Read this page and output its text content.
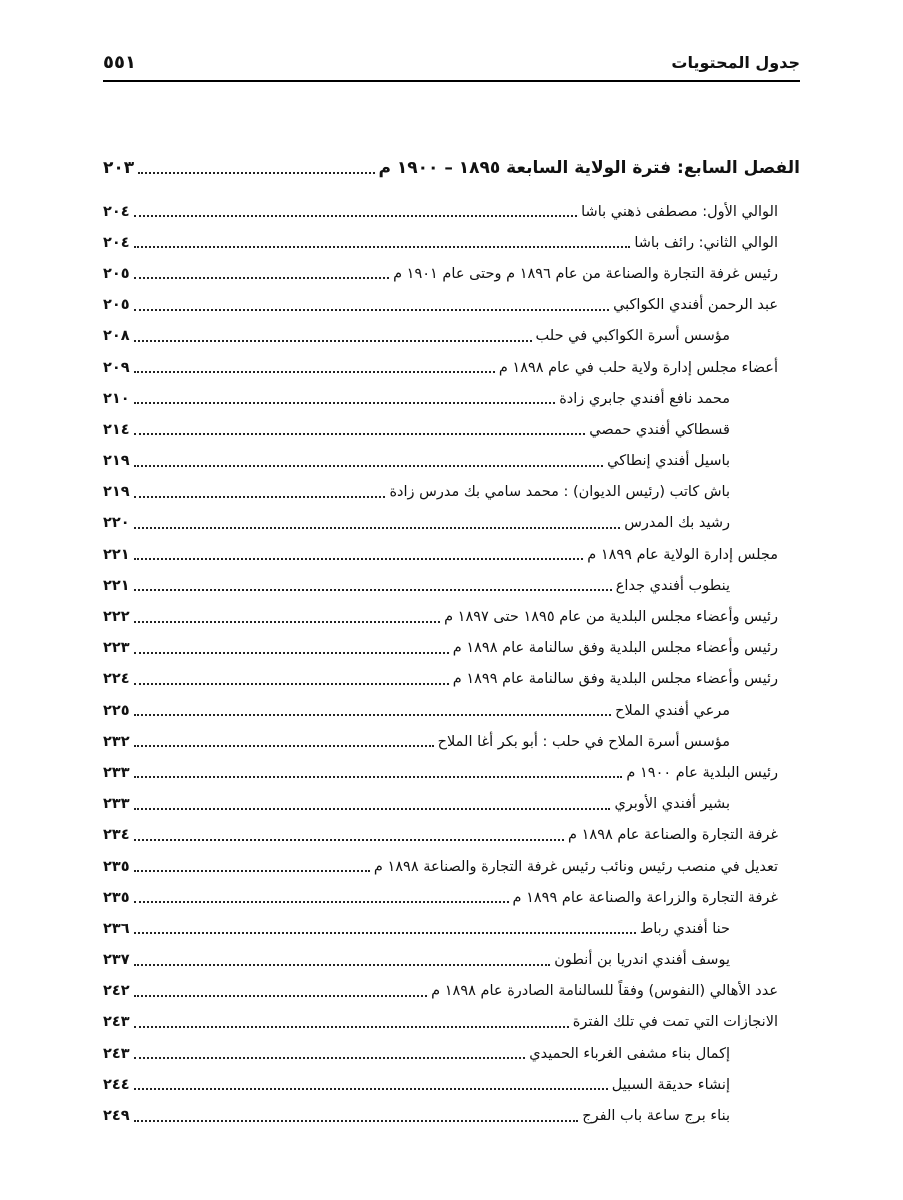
٥٥١	جدول المحتويات
الفصل السابع: فترة الولاية السابعة ١٨٩٥ – ١٩٠٠ م
٢٠٣
الوالي الأول: مصطفى ذهني باشا
٢٠٤
الوالي الثاني: رائف باشا
٢٠٤
رئيس غرفة التجارة والصناعة من عام ١٨٩٦ م وحتى عام ١٩٠١ م
٢٠٥
عبد الرحمن أفندي الكواكبي
٢٠٥
مؤسس أسرة الكواكبي في حلب
٢٠٨
أعضاء مجلس إدارة ولاية حلب في عام ١٨٩٨ م
٢٠٩
محمد نافع أفندي جابري زادة
٢١٠
قسطاكي أفندي حمصي
٢١٤
باسيل أفندي إنطاكي
٢١٩
باش كاتب (رئيس الديوان) : محمد سامي بك مدرس زادة
٢١٩
رشيد بك المدرس
٢٢٠
مجلس إدارة الولاية عام ١٨٩٩ م
٢٢١
ينطوب أفندي جداع
٢٢١
رئيس وأعضاء مجلس البلدية من عام ١٨٩٥ حتى ١٨٩٧ م
٢٢٢
رئيس وأعضاء مجلس البلدية وفق سالنامة عام ١٨٩٨ م
٢٢٣
رئيس وأعضاء مجلس البلدية وفق سالنامة عام ١٨٩٩ م
٢٢٤
مرعي أفندي الملاح
٢٢٥
مؤسس أسرة الملاح في حلب : أبو بكر أغا الملاح
٢٣٢
رئيس البلدية عام ١٩٠٠ م
٢٣٣
بشير أفندي الأوبري
٢٣٣
غرفة التجارة والصناعة عام ١٨٩٨ م
٢٣٤
تعديل في منصب رئيس ونائب رئيس غرفة التجارة والصناعة ١٨٩٨ م
٢٣٥
غرفة التجارة والزراعة والصناعة عام ١٨٩٩ م
٢٣٥
حنا أفندي رباط
٢٣٦
يوسف أفندي اندريا بن أنطون
٢٣٧
عدد الأهالي (النفوس) وفقاً للسالنامة الصادرة عام ١٨٩٨ م
٢٤٢
الانجازات التي تمت في تلك الفترة
٢٤٣
إكمال بناء مشفى الغرباء الحميدي
٢٤٣
إنشاء حديقة السبيل
٢٤٤
بناء برج ساعة باب الفرج
٢٤٩
